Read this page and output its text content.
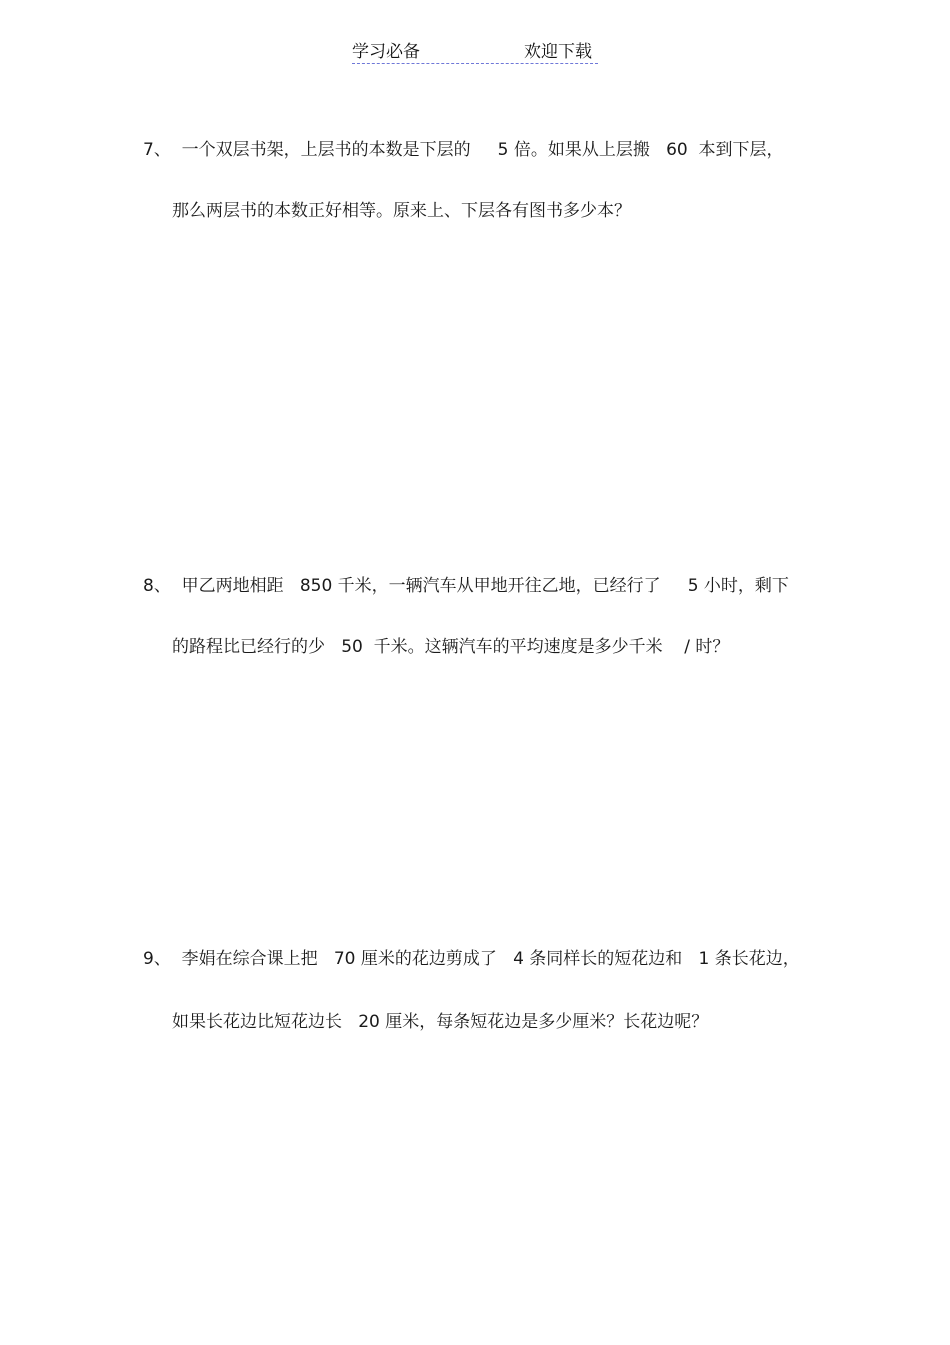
学习必备	欢迎下载
7、  一个双层书架，上层书的本数是下层的     5 倍。如果从上层搬   60  本到下层，
那么两层书的本数正好相等。原来上、下层各有图书多少本？
8、  甲乙两地相距   850 千米，一辆汽车从甲地开往乙地，已经行了     5 小时，剩下
的路程比已经行的少   50  千米。这辆汽车的平均速度是多少千米    / 时？
9、  李娟在综合课上把   70 厘米的花边剪成了   4 条同样长的短花边和   1 条长花边，
如果长花边比短花边长   20 厘米，每条短花边是多少厘米？长花边呢？
